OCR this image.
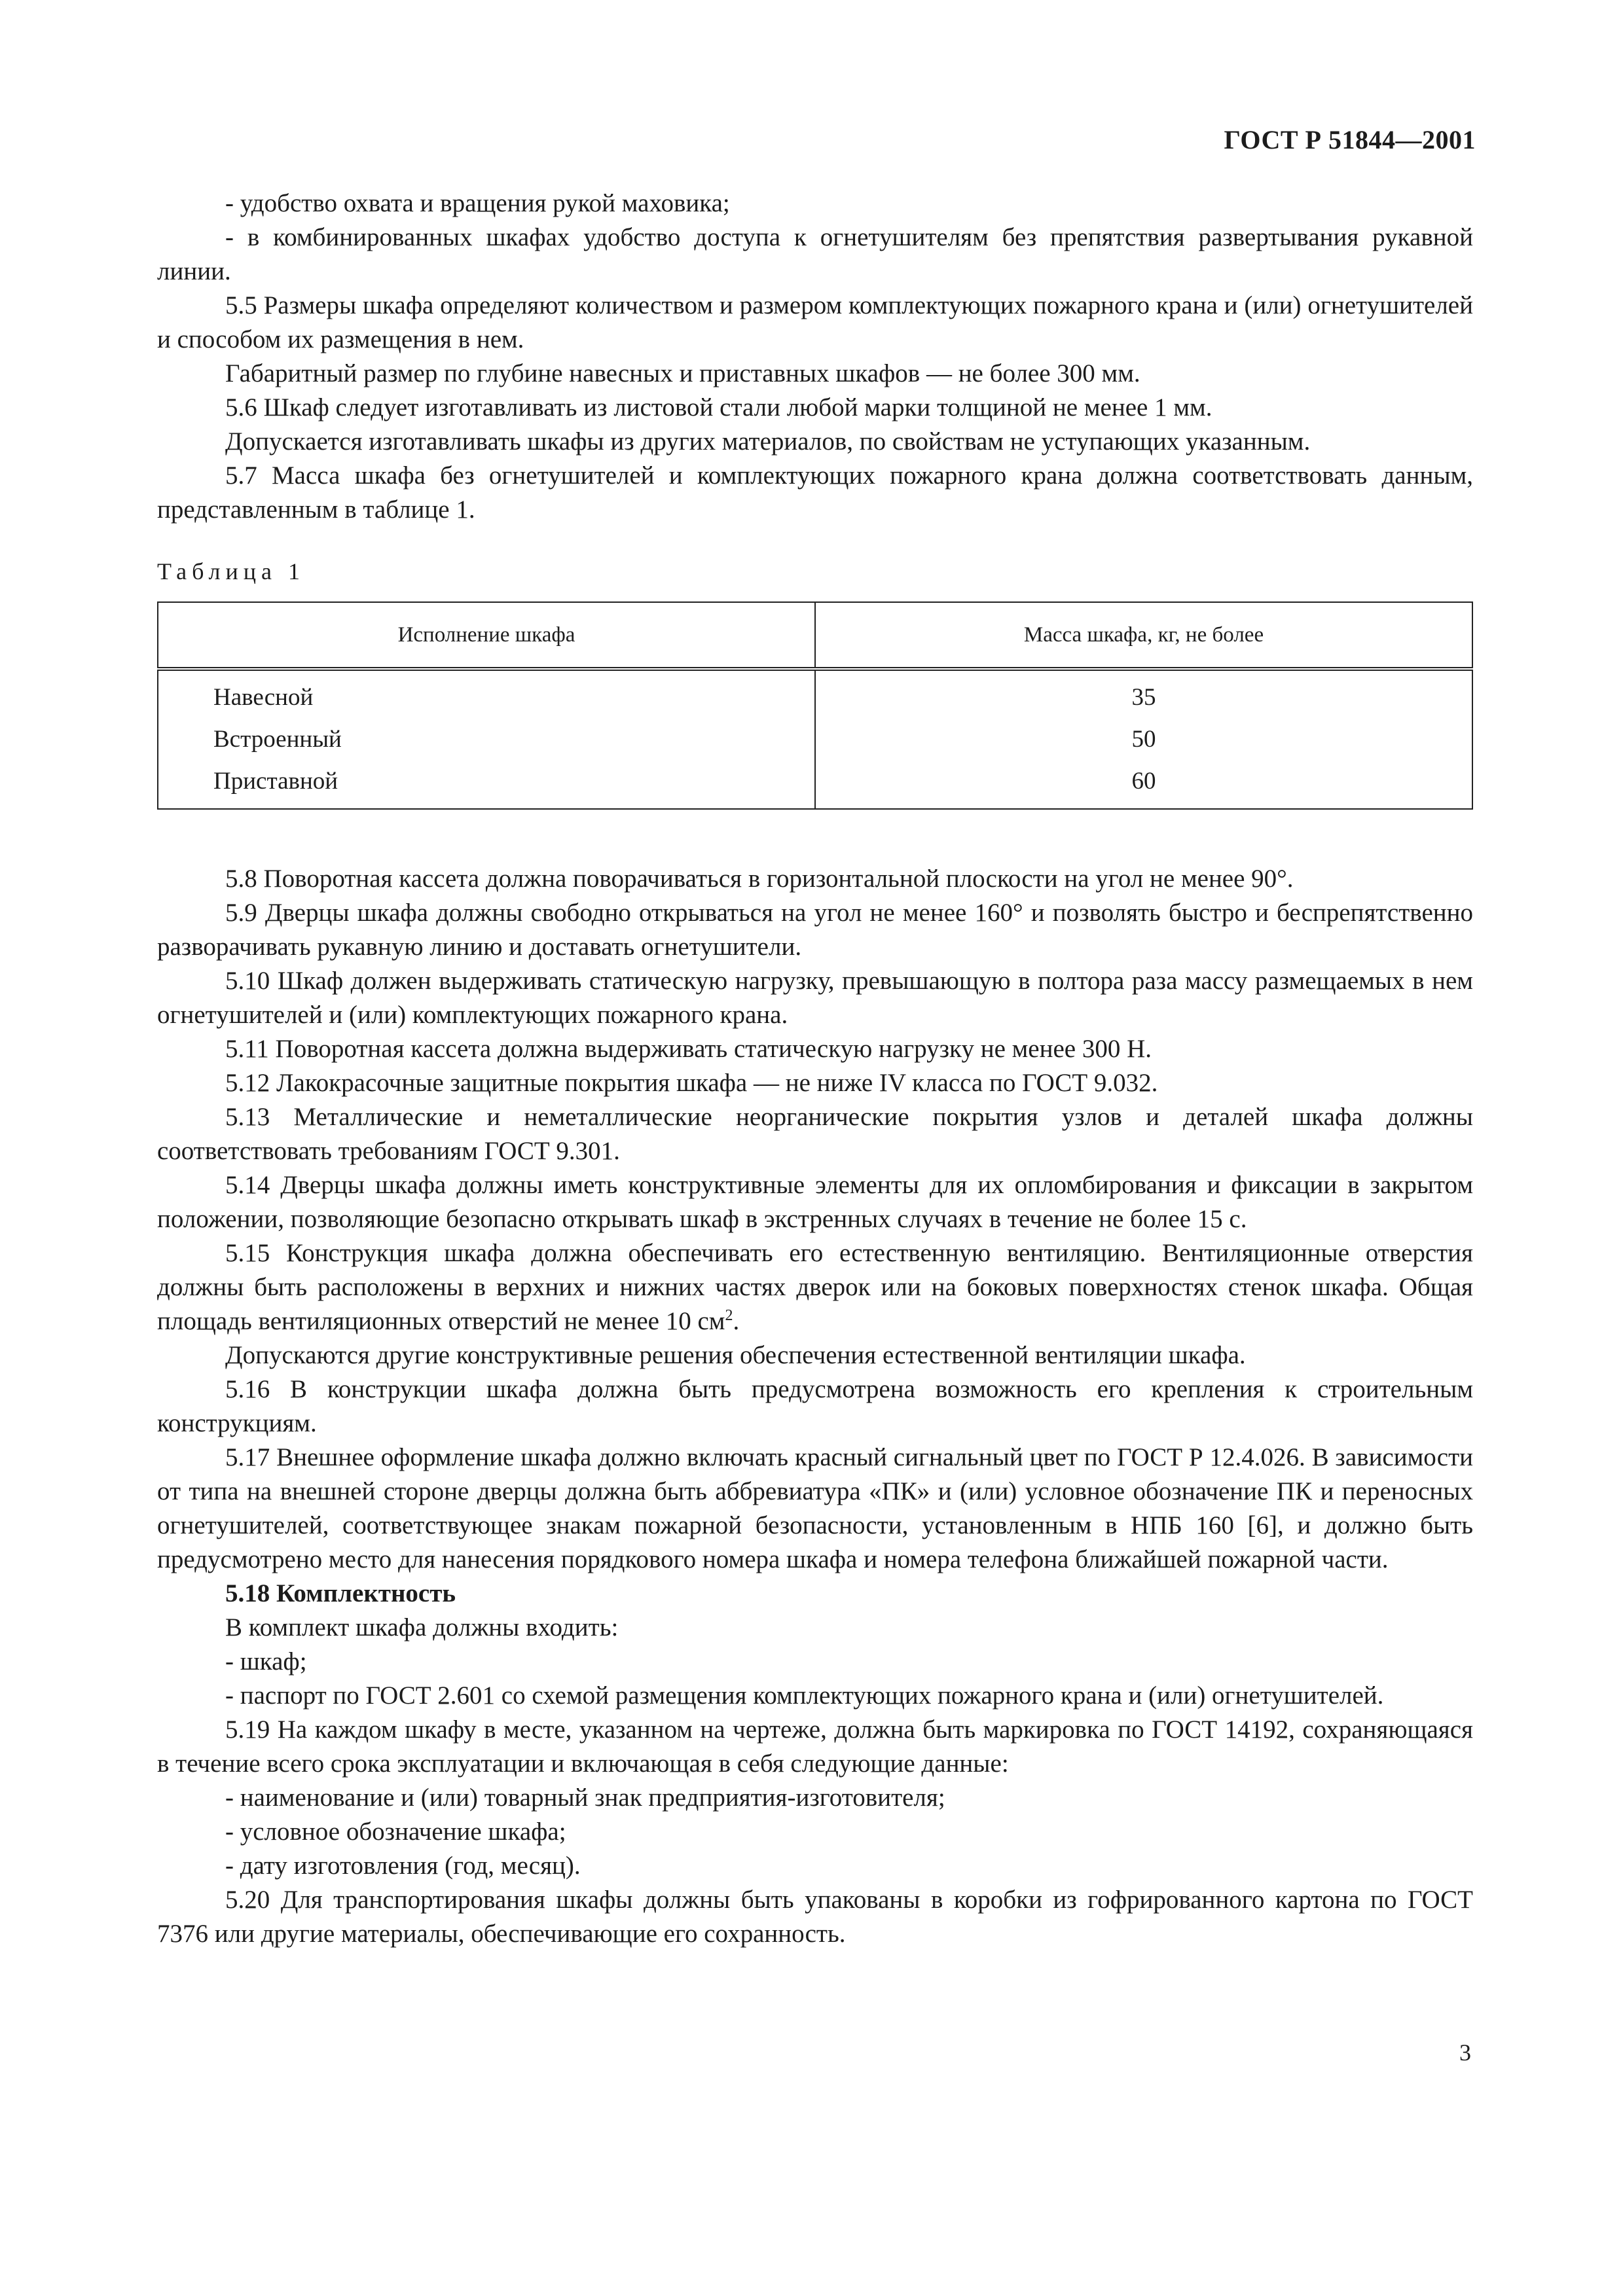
ГОСТ Р 51844—2001

- удобство охвата и вращения рукой маховика;

- в комбинированных шкафах удобство доступа к огнетушителям без препятствия развертывания рукавной линии.

5.5 Размеры шкафа определяют количеством и размером комплектующих пожарного крана и (или) огнетушителей и способом их размещения в нем.

Габаритный размер по глубине навесных и приставных шкафов — не более 300 мм.

5.6 Шкаф следует изготавливать из листовой стали любой марки толщиной не менее 1 мм.

Допускается изготавливать шкафы из других материалов, по свойствам не уступающих указанным.

5.7 Масса шкафа без огнетушителей и комплектующих пожарного крана должна соответствовать данным, представленным в таблице 1.

Таблица 1
Исполнение шкафа	Масса шкафа, кг, не более
Навесной	35
Встроенный	50
Приставной	60

5.8 Поворотная кассета должна поворачиваться в горизонтальной плоскости на угол не менее 90°.

5.9 Дверцы шкафа должны свободно открываться на угол не менее 160° и позволять быстро и беспрепятственно разворачивать рукавную линию и доставать огнетушители.

5.10 Шкаф должен выдерживать статическую нагрузку, превышающую в полтора раза массу размещаемых в нем огнетушителей и (или) комплектующих пожарного крана.

5.11 Поворотная кассета должна выдерживать статическую нагрузку не менее 300 Н.

5.12 Лакокрасочные защитные покрытия шкафа — не ниже IV класса по ГОСТ 9.032.

5.13 Металлические и неметаллические неорганические покрытия узлов и деталей шкафа должны соответствовать требованиям ГОСТ 9.301.

5.14 Дверцы шкафа должны иметь конструктивные элементы для их опломбирования и фиксации в закрытом положении, позволяющие безопасно открывать шкаф в экстренных случаях в течение не более 15 с.

5.15 Конструкция шкафа должна обеспечивать его естественную вентиляцию. Вентиляционные отверстия должны быть расположены в верхних и нижних частях дверок или на боковых поверхностях стенок шкафа. Общая площадь вентиляционных отверстий не менее 10 $см^2$.

Допускаются другие конструктивные решения обеспечения естественной вентиляции шкафа.

5.16 В конструкции шкафа должна быть предусмотрена возможность его крепления к строительным конструкциям.

5.17 Внешнее оформление шкафа должно включать красный сигнальный цвет по ГОСТ Р 12.4.026. В зависимости от типа на внешней стороне дверцы должна быть аббревиатура «ПК» и (или) условное обозначение ПК и переносных огнетушителей, соответствующее знакам пожарной безопасности, установленным в НПБ 160 [6], и должно быть предусмотрено место для нанесения порядкового номера шкафа и номера телефона ближайшей пожарной части.

5.18 Комплектность

В комплект шкафа должны входить:

- шкаф;

- паспорт по ГОСТ 2.601 со схемой размещения комплектующих пожарного крана и (или) огнетушителей.

5.19 На каждом шкафу в месте, указанном на чертеже, должна быть маркировка по ГОСТ 14192, сохраняющаяся в течение всего срока эксплуатации и включающая в себя следующие данные:

- наименование и (или) товарный знак предприятия-изготовителя;

- условное обозначение шкафа;

- дату изготовления (год, месяц).

5.20 Для транспортирования шкафы должны быть упакованы в коробки из гофрированного картона по ГОСТ 7376 или другие материалы, обеспечивающие его сохранность.

3
